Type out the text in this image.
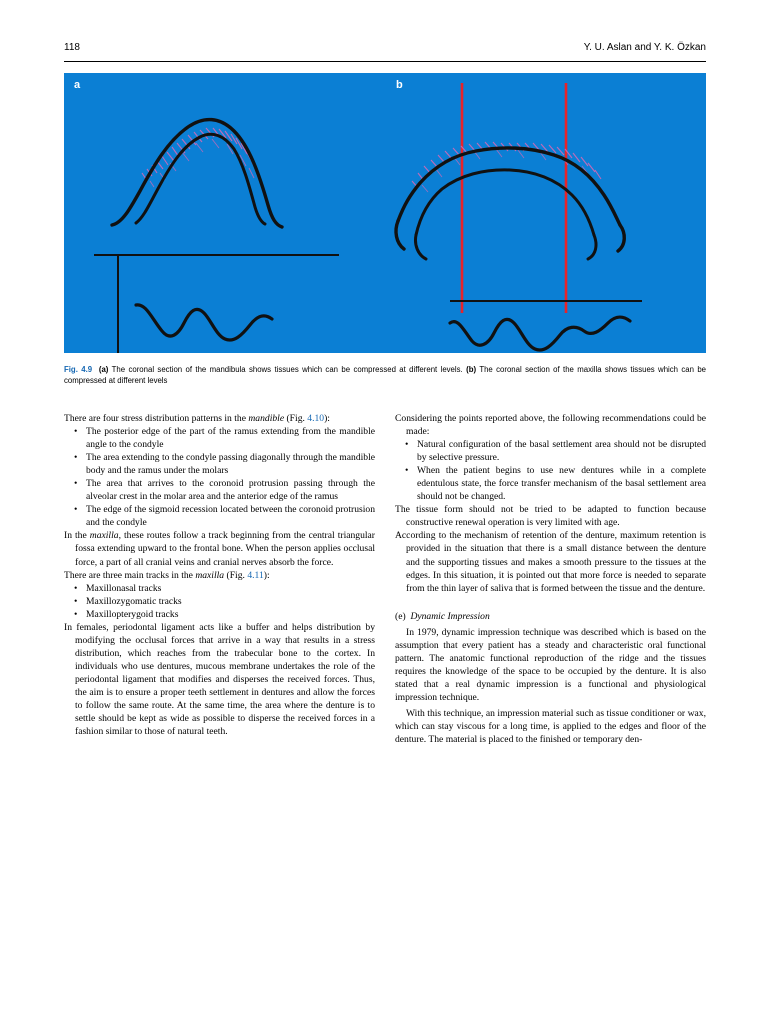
118	Y. U. Aslan and Y. K. Özkan
a	b
Fig. 4.9 (a) The coronal section of the mandibula shows tissues which can be compressed at different levels. (b) The coronal section of the maxilla shows tissues which can be compressed at different levels

There are four stress distribution patterns in the mandible (Fig. 4.10):

• The posterior edge of the part of the ramus extending from the mandible angle to the condyle
• The area extending to the condyle passing diagonally through the mandible body and the ramus under the molars
• The area that arrives to the coronoid protrusion passing through the alveolar crest in the molar area and the anterior edge of the ramus
• The edge of the sigmoid recession located between the coronoid protrusion and the condyle

In the maxilla, these routes follow a track beginning from the central triangular fossa extending upward to the frontal bone. When the person applies occlusal force, a part of all cranial veins and cranial nerves absorb the force.

There are three main tracks in the maxilla (Fig. 4.11):

• Maxillonasal tracks
• Maxillozygomatic tracks
• Maxillopterygoid tracks

In females, periodontal ligament acts like a buffer and helps distribution by modifying the occlusal forces that arrive in a way that results in a stress distribution, which reaches from the trabecular bone to the cortex. In individuals who use dentures, mucous membrane undertakes the role of the periodontal ligament that modifies and disperses the received forces. Thus, the aim is to ensure a proper teeth settlement in dentures and allow the forces to follow the same route. At the same time, the area where the denture is to settle should be kept as wide as possible to disperse the received forces in a fashion similar to those of natural teeth.

Considering the points reported above, the following recommendations could be made:

• Natural configuration of the basal settlement area should not be disrupted by selective pressure.
• When the patient begins to use new dentures while in a complete edentulous state, the force transfer mechanism of the basal settlement area should not be changed.

The tissue form should not be tried to be adapted to function because constructive renewal operation is very limited with age.

According to the mechanism of retention of the denture, maximum retention is provided in the situation that there is a small distance between the denture and the supporting tissues and makes a smooth pressure to the tissues at the edges. In this situation, it is pointed out that more force is needed to separate from the thin layer of saliva that is formed between the tissue and the denture.

(e) Dynamic Impression

In 1979, dynamic impression technique was described which is based on the assumption that every patient has a steady and characteristic oral functional pattern. The anatomic functional reproduction of the ridge and the tissues requires the knowledge of the space to be occupied by the denture. It is also stated that a real dynamic impression is a functional and physiological impression technique.

With this technique, an impression material such as tissue conditioner or wax, which can stay viscous for a long time, is applied to the edges and floor of the denture. The material is placed to the finished or temporary den-
